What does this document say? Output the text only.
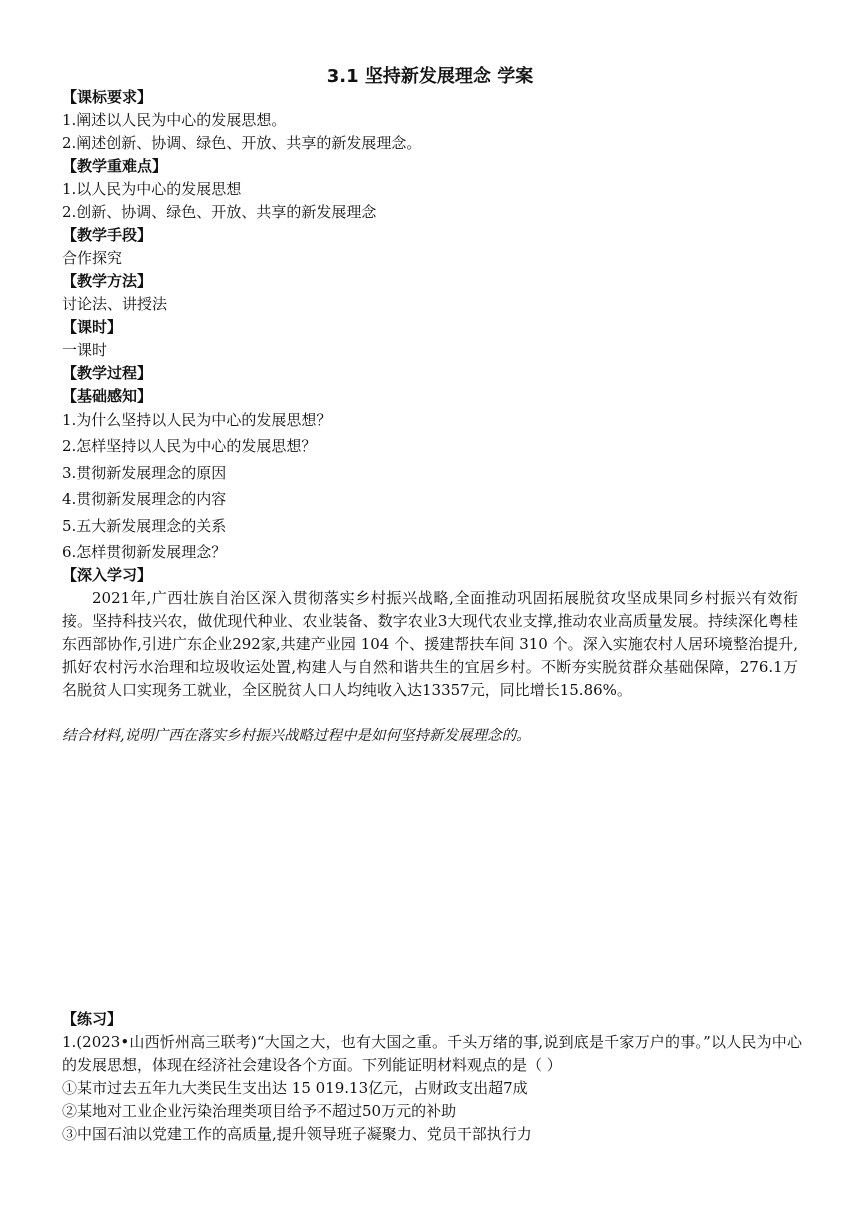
3.1 坚持新发展理念 学案
【课标要求】
1.阐述以人民为中心的发展思想。
2.阐述创新、协调、绿色、开放、共享的新发展理念。
【教学重难点】
1.以人民为中心的发展思想
2.创新、协调、绿色、开放、共享的新发展理念
【教学手段】
合作探究
【教学方法】
讨论法、讲授法
【课时】
一课时
【教学过程】
【基础感知】
1.为什么坚持以人民为中心的发展思想？
2.怎样坚持以人民为中心的发展思想？
3.贯彻新发展理念的原因
4.贯彻新发展理念的内容
5.五大新发展理念的关系
6.怎样贯彻新发展理念？
【深入学习】
2021年,广西壮族自治区深入贯彻落实乡村振兴战略,全面推动巩固拓展脱贫攻坚成果同乡村振兴有效衔接。坚持科技兴农，做优现代种业、农业装备、数字农业3大现代农业支撑,推动农业高质量发展。持续深化粤桂东西部协作,引进广东企业292家,共建产业园 104 个、援建帮扶车间 310 个。深入实施农村人居环境整治提升,抓好农村污水治理和垃圾收运处置,构建人与自然和谐共生的宜居乡村。不断夯实脱贫群众基础保障，276.1万名脱贫人口实现务工就业，全区脱贫人口人均纯收入达13357元，同比增长15.86%。
结合材料,说明广西在落实乡村振兴战略过程中是如何坚持新发展理念的。
【练习】
1.(2023•山西忻州高三联考)“大国之大，也有大国之重。千头万绪的事,说到底是千家万户的事。”以人民为中心的发展思想，体现在经济社会建设各个方面。下列能证明材料观点的是（ ）
①某市过去五年九大类民生支出达 15 019.13亿元，占财政支出超7成
②某地对工业企业污染治理类项目给予不超过50万元的补助
③中国石油以党建工作的高质量,提升领导班子凝聚力、党员干部执行力
